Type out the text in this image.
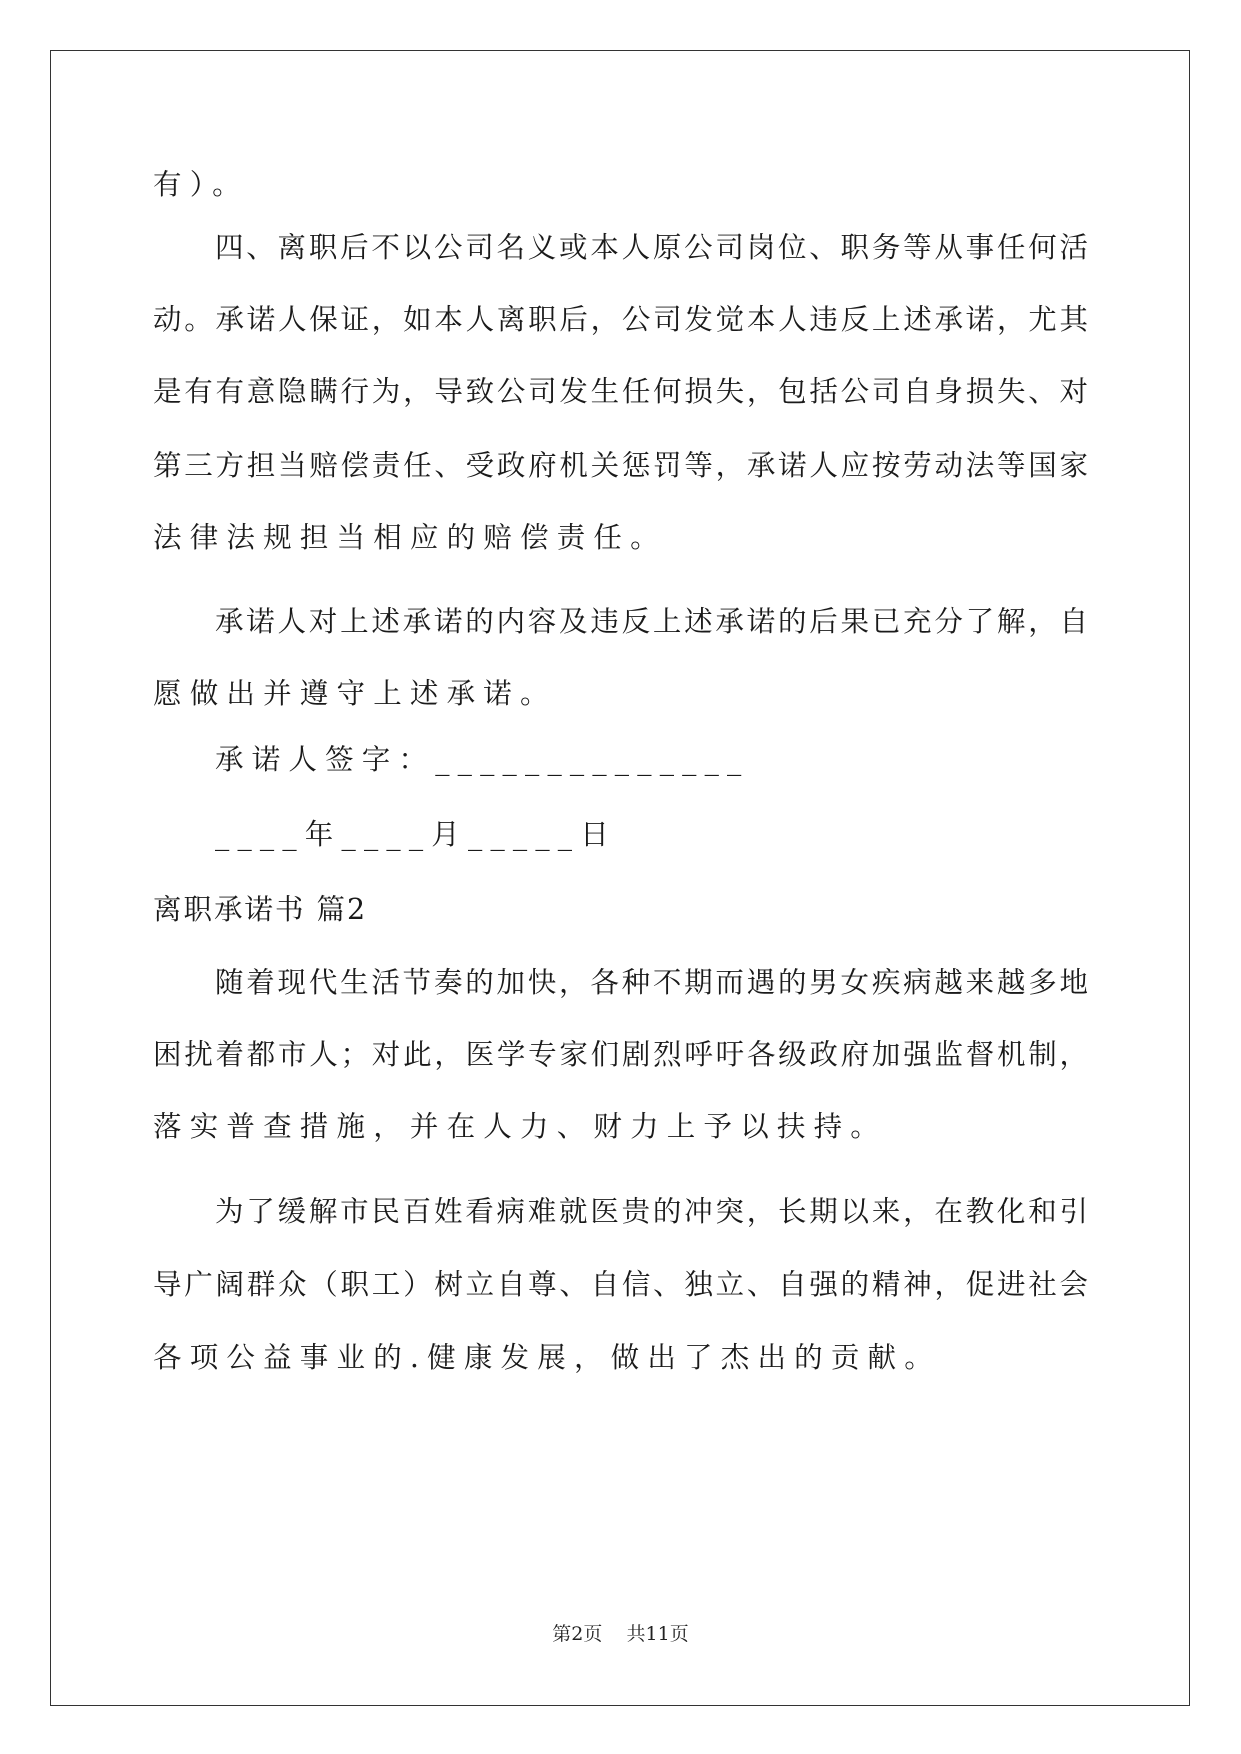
有）。
四、离职后不以公司名义或本人原公司岗位、职务等从事任何活
动。承诺人保证，如本人离职后，公司发觉本人违反上述承诺，尤其
是有有意隐瞒行为，导致公司发生任何损失，包括公司自身损失、对
第三方担当赔偿责任、受政府机关惩罚等，承诺人应按劳动法等国家
法律法规担当相应的赔偿责任。
承诺人对上述承诺的内容及违反上述承诺的后果已充分了解，自
愿做出并遵守上述承诺。
承诺人签字：______________
____年____月_____日
离职承诺书 篇2
随着现代生活节奏的加快，各种不期而遇的男女疾病越来越多地
困扰着都市人；对此，医学专家们剧烈呼吁各级政府加强监督机制，
落实普查措施，并在人力、财力上予以扶持。
为了缓解市民百姓看病难就医贵的冲突，长期以来，在教化和引
导广阔群众（职工）树立自尊、自信、独立、自强的精神，促进社会
各项公益事业的.健康发展，做出了杰出的贡献。
第2页 共11页
